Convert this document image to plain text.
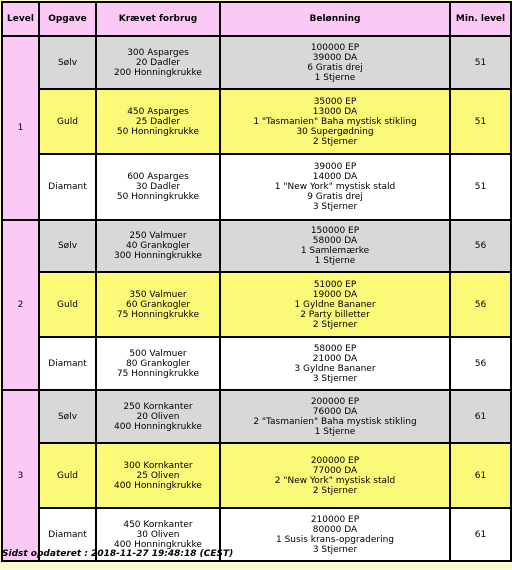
Level	Opgave	Krævet forbrug	Belønning	Min. level
1	Sølv	300 Asparges
20 Dadler
200 Honningkrukke	100000 EP
39000 DA
6 Gratis drej
1 Stjerne	51
	Guld	450 Asparges
25 Dadler
50 Honningkrukke	35000 EP
13000 DA
1 "Tasmanien" Baha mystisk stikling
30 Supergødning
2 Stjerner	51
	Diamant	600 Asparges
30 Dadler
50 Honningkrukke	39000 EP
14000 DA
1 "New York" mystisk stald
9 Gratis drej
3 Stjerner	51
2	Sølv	250 Valmuer
40 Grankogler
300 Honningkrukke	150000 EP
58000 DA
1 Samlemærke
1 Stjerne	56
	Guld	350 Valmuer
60 Grankogler
75 Honningkrukke	51000 EP
19000 DA
1 Gyldne Bananer
2 Party billetter
2 Stjerner	56
	Diamant	500 Valmuer
80 Grankogler
75 Honningkrukke	58000 EP
21000 DA
3 Gyldne Bananer
3 Stjerner	56
3	Sølv	250 Kornkanter
20 Oliven
400 Honningkrukke	200000 EP
76000 DA
2 "Tasmanien" Baha mystisk stikling
1 Stjerne	61
	Guld	300 Kornkanter
25 Oliven
400 Honningkrukke	200000 EP
77000 DA
2 "New York" mystisk stald
2 Stjerner	61
	Diamant	450 Kornkanter
30 Oliven
400 Honningkrukke	210000 EP
80000 DA
1 Susis krans-opgradering
3 Stjerner	61
Sidst opdateret : 2018-11-27 19:48:18 (CEST)
